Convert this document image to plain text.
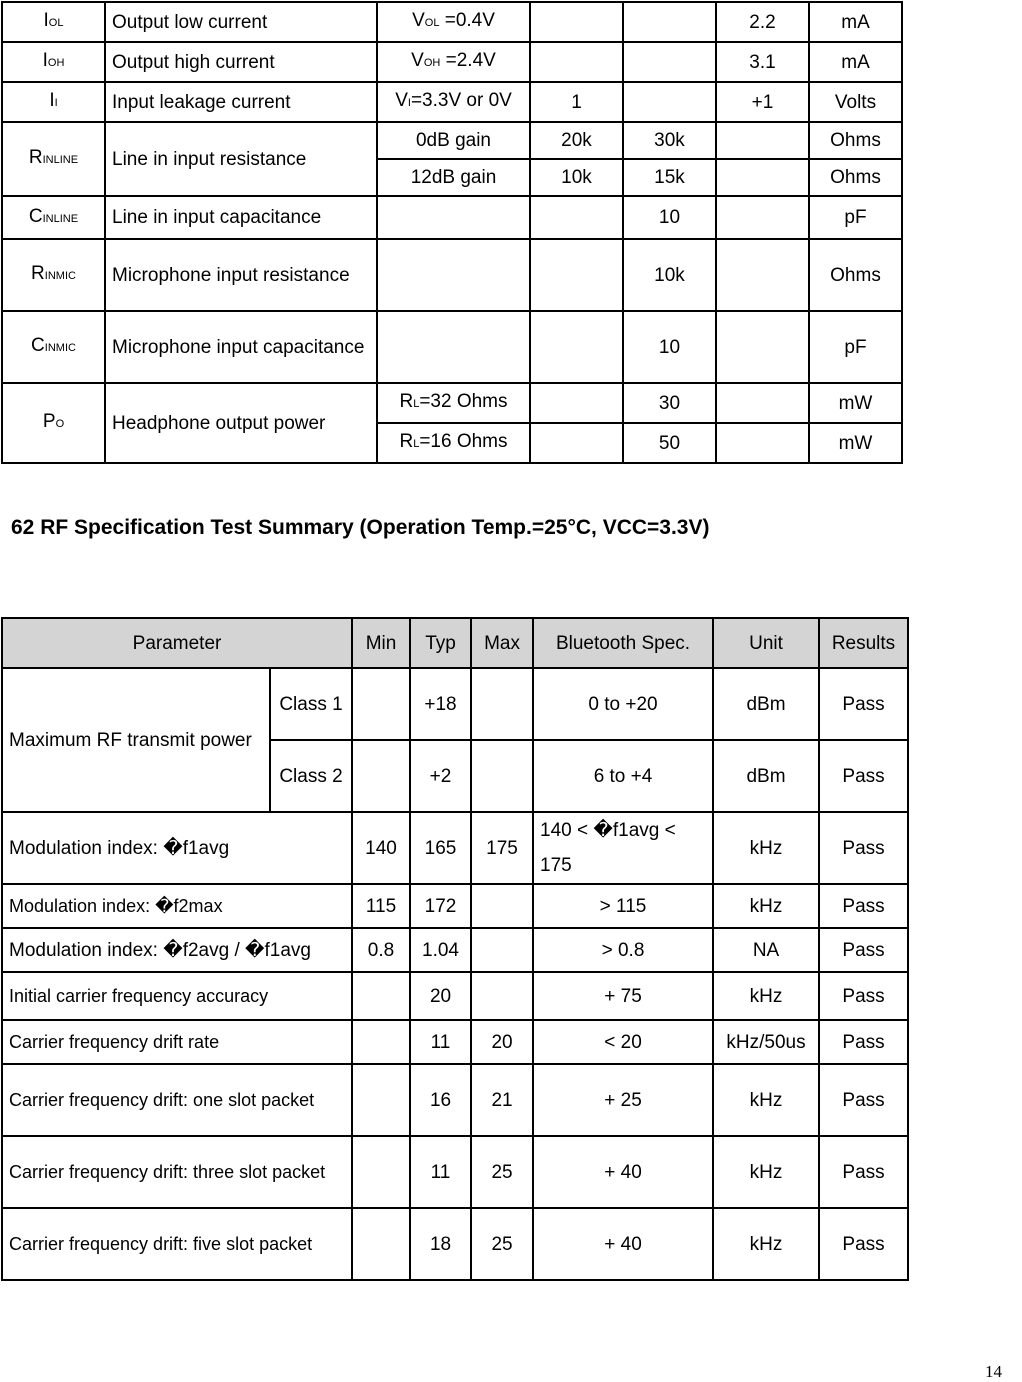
IOL	Output low current	VOL =0.4V			2.2	mA
IOH	Output high current	VOH =2.4V			3.1	mA
II	Input leakage current	VI=3.3V or 0V	1		+1	Volts
RINLINE	Line in input resistance	0dB gain	20k	30k		Ohms
		12dB gain	10k	15k		Ohms
CINLINE	Line in input capacitance			10		pF
RINMIC	Microphone input resistance			10k		Ohms
CINMIC	Microphone input capacitance			10		pF
PO	Headphone output power	RL=32 Ohms		30		mW
		RL=16 Ohms		50		mW
62 RF Specification Test Summary (Operation Temp.=25°C, VCC=3.3V)
Parameter		Min	Typ	Max	Bluetooth Spec.	Unit	Results
Maximum RF transmit power	Class 1		+18		0 to +20	dBm	Pass
	Class 2		+2		6 to +4	dBm	Pass
Modulation index: �f1avg		140	165	175	140 < �f1avg < 175	kHz	Pass
Modulation index: �f2max		115	172		> 115	kHz	Pass
Modulation index: �f2avg / �f1avg		0.8	1.04		> 0.8	NA	Pass
Initial carrier frequency accuracy			20		+ 75	kHz	Pass
Carrier frequency drift rate			11	20	< 20	kHz/50us	Pass
Carrier frequency drift: one slot packet			16	21	+ 25	kHz	Pass
Carrier frequency drift: three slot packet			11	25	+ 40	kHz	Pass
Carrier frequency drift: five slot packet			18	25	+ 40	kHz	Pass
14
